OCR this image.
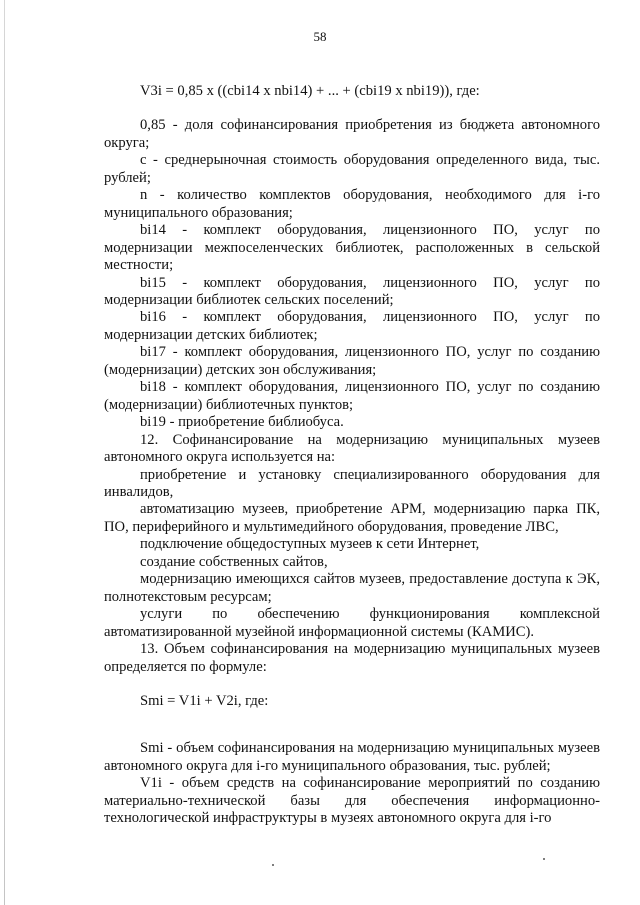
58
V3i = 0,85 x ((cbi14 x nbi14) + ... + (cbi19 x nbi19)), где:

0,85 - доля софинансирования приобретения из бюджета автономного округа;

с - среднерыночная стоимость оборудования определенного вида, тыс. рублей;

n - количество комплектов оборудования, необходимого для i-го муниципального образования;

bi14 - комплект оборудования, лицензионного ПО, услуг по модернизации межпоселенческих библиотек, расположенных в сельской местности;

bi15 - комплект оборудования, лицензионного ПО, услуг по модернизации библиотек сельских поселений;

bi16 - комплект оборудования, лицензионного ПО, услуг по модернизации детских библиотек;

bi17 - комплект оборудования, лицензионного ПО, услуг по созданию (модернизации) детских зон обслуживания;

bi18 - комплект оборудования, лицензионного ПО, услуг по созданию (модернизации) библиотечных пунктов;

bi19 - приобретение библиобуса.

12. Софинансирование на модернизацию муниципальных музеев автономного округа используется на:

приобретение и установку специализированного оборудования для инвалидов,

автоматизацию музеев, приобретение АРМ, модернизацию парка ПК, ПО, периферийного и мультимедийного оборудования, проведение ЛВС,

подключение общедоступных музеев к сети Интернет,

создание собственных сайтов,

модернизацию имеющихся сайтов музеев, предоставление доступа к ЭК, полнотекстовым ресурсам;

услуги по обеспечению функционирования комплексной автоматизированной музейной информационной системы (КАМИС).

13. Объем софинансирования на модернизацию муниципальных музеев определяется по формуле:

Smi = V1i + V2i, где:

Smi - объем софинансирования на модернизацию муниципальных музеев автономного округа для i-го муниципального образования, тыс. рублей;

V1i - объем средств на софинансирование мероприятий по созданию материально-технической базы для обеспечения информационно-технологической инфраструктуры в музеях автономного округа для i-го
